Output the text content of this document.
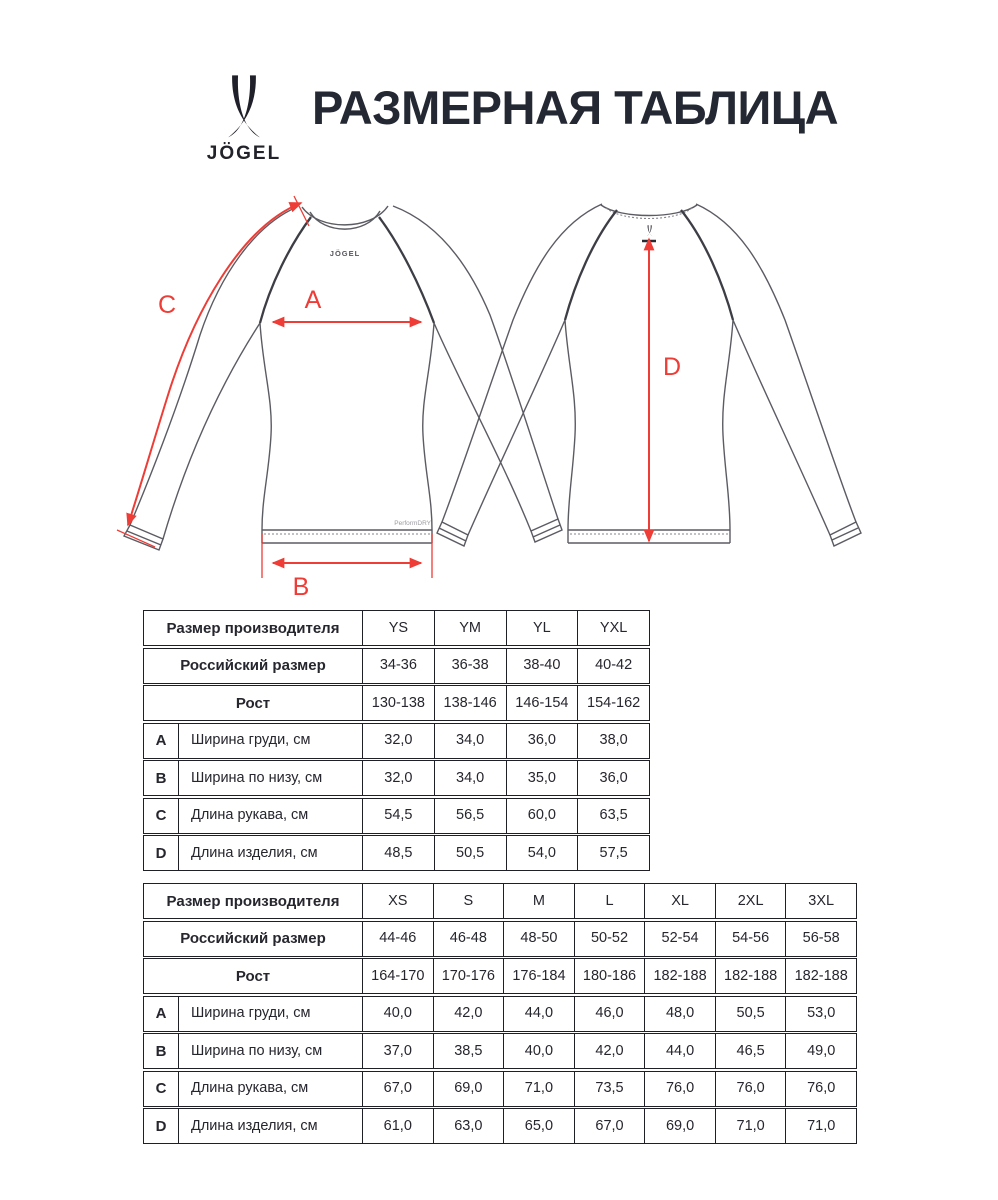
JÖGEL
РАЗМЕРНАЯ ТАБЛИЦА
JÖGEL
PerformDRY
A
B
C
D
Размер производителя	YS	YM	YL	YXL
Российский размер	34-36	36-38	38-40	40-42
Рост	130-138	138-146	146-154	154-162
A	Ширина груди, см	32,0	34,0	36,0	38,0
B	Ширина по низу, см	32,0	34,0	35,0	36,0
C	Длина рукава, см	54,5	56,5	60,0	63,5
D	Длина изделия, см	48,5	50,5	54,0	57,5
Размер производителя	XS	S	M	L	XL	2XL	3XL
Российский размер	44-46	46-48	48-50	50-52	52-54	54-56	56-58
Рост	164-170	170-176	176-184	180-186	182-188	182-188	182-188
A	Ширина груди, см	40,0	42,0	44,0	46,0	48,0	50,5	53,0
B	Ширина по низу, см	37,0	38,5	40,0	42,0	44,0	46,5	49,0
C	Длина рукава, см	67,0	69,0	71,0	73,5	76,0	76,0	76,0
D	Длина изделия, см	61,0	63,0	65,0	67,0	69,0	71,0	71,0
